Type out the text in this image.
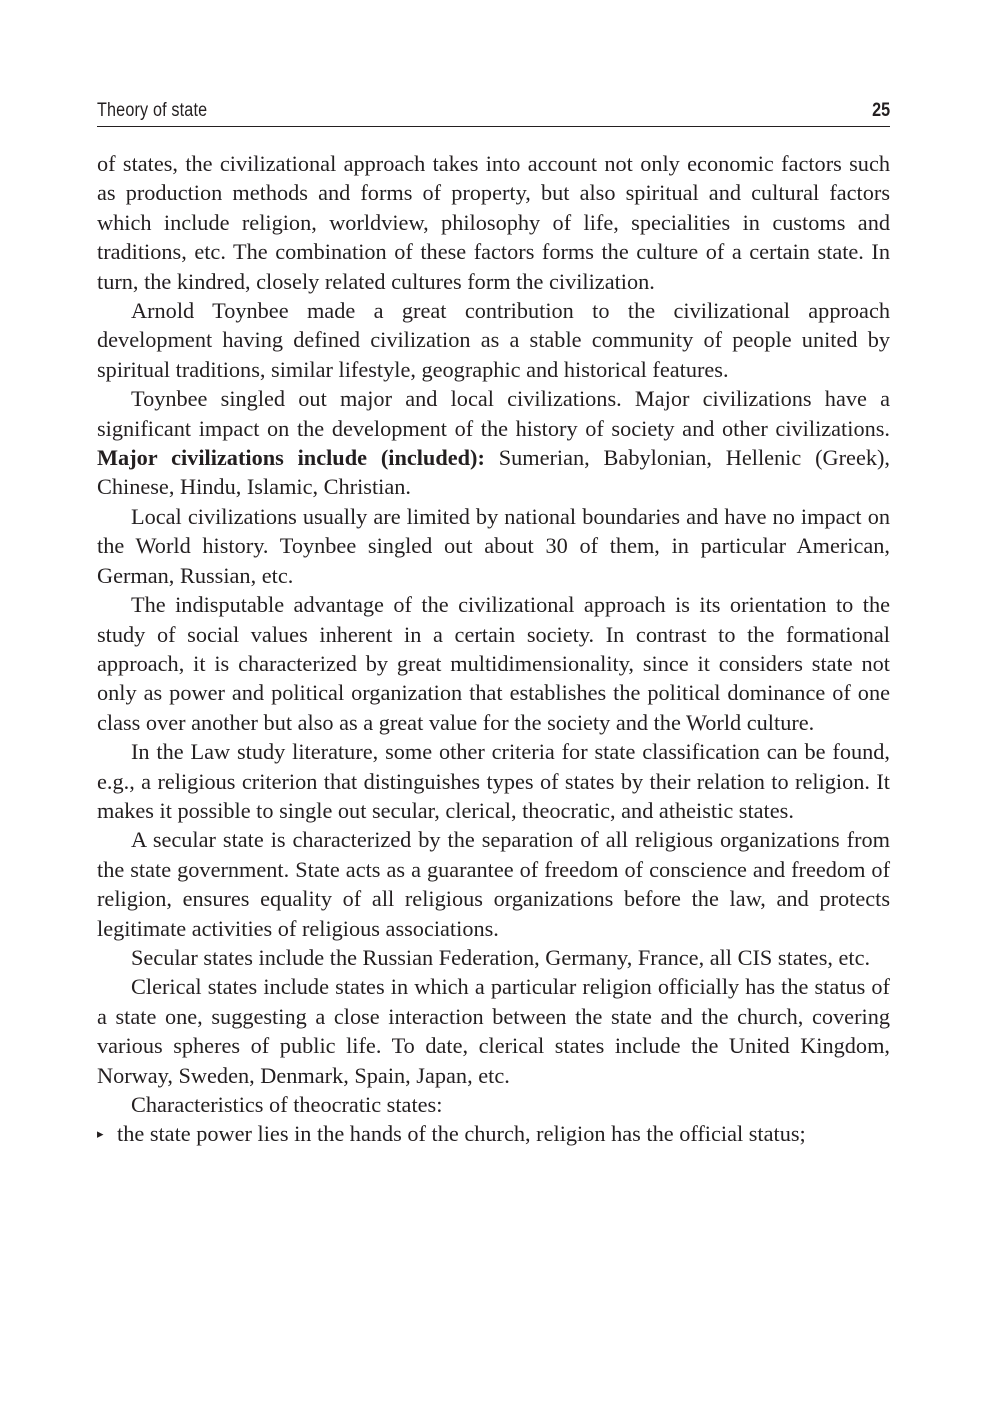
Theory of state	25

of states, the civilizational approach takes into account not only economic factors such as production methods and forms of property, but also spiritual and cultural factors which include religion, worldview, philosophy of life, specialities in customs and traditions, etc. The combination of these factors forms the culture of a certain state. In turn, the kindred, closely related cultures form the civilization.

Arnold Toynbee made a great contribution to the civilizational approach development having defined civilization as a stable community of people united by spiritual traditions, similar lifestyle, geographic and historical features.

Toynbee singled out major and local civilizations. Major civilizations have a significant impact on the development of the history of society and other civilizations. Major civilizations include (included): Sumerian, Babylonian, Hellenic (Greek), Chinese, Hindu, Islamic, Christian.

Local civilizations usually are limited by national boundaries and have no impact on the World history. Toynbee singled out about 30 of them, in particular American, German, Russian, etc.

The indisputable advantage of the civilizational approach is its orientation to the study of social values inherent in a certain society. In contrast to the formational approach, it is characterized by great multidimensionality, since it considers state not only as power and political organization that establishes the political dominance of one class over another but also as a great value for the society and the World culture.

In the Law study literature, some other criteria for state classification can be found, e.g., a religious criterion that distinguishes types of states by their relation to religion. It makes it possible to single out secular, clerical, theocratic, and atheistic states.

A secular state is characterized by the separation of all religious organizations from the state government. State acts as a guarantee of freedom of conscience and freedom of religion, ensures equality of all religious organizations before the law, and protects legitimate activities of religious associations.

Secular states include the Russian Federation, Germany, France, all CIS states, etc.

Clerical states include states in which a particular religion officially has the status of a state one, suggesting a close interaction between the state and the church, covering various spheres of public life. To date, clerical states include the United Kingdom, Norway, Sweden, Denmark, Spain, Japan, etc.

Characteristics of theocratic states:

▸ the state power lies in the hands of the church, religion has the official status;
